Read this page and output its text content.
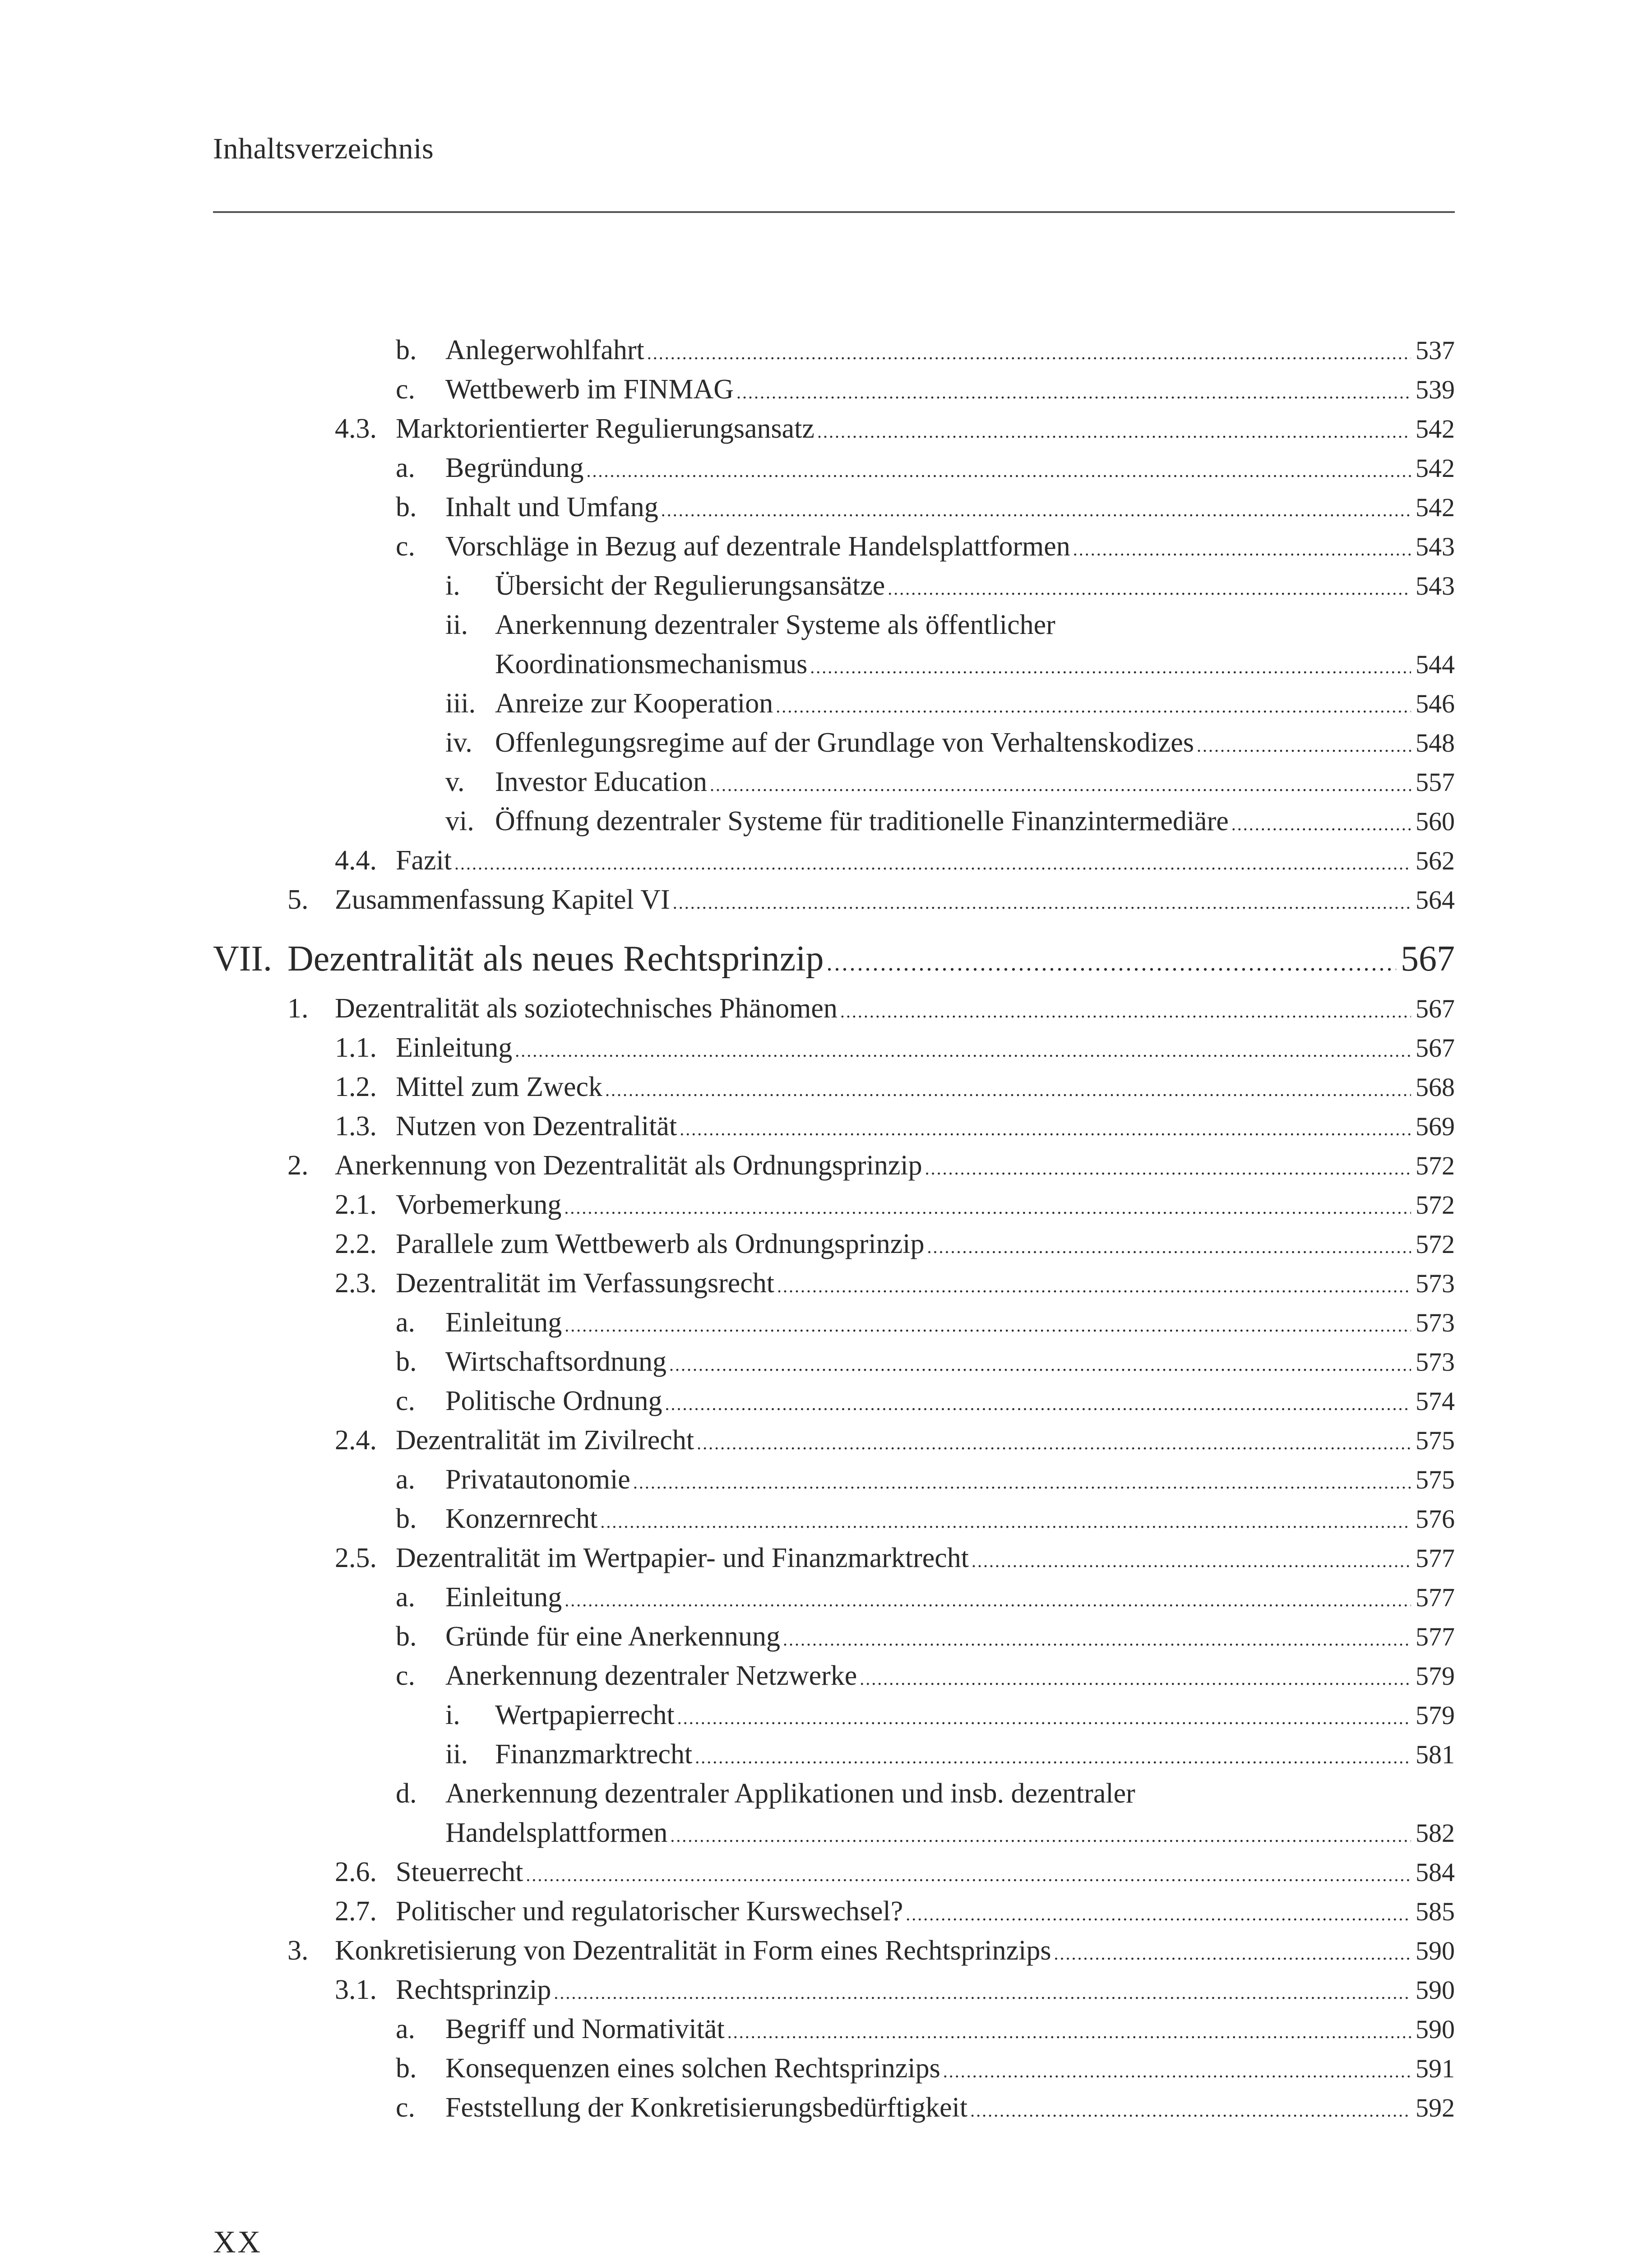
Inhaltsverzeichnis
b. Anlegerwohlfahrt .....	537
c. Wettbewerb im FINMAG .....	539
4.3. Marktorientierter Regulierungsansatz .....	542
a. Begründung .....	542
b. Inhalt und Umfang .....	542
c. Vorschläge in Bezug auf dezentrale Handelsplattformen .....	543
i. Übersicht der Regulierungsansätze .....	543
ii. Anerkennung dezentraler Systeme als öffentlicher
Koordinationsmechanismus .....	544
iii. Anreize zur Kooperation .....	546
iv. Offenlegungsregime auf der Grundlage von Verhaltenskodizes .....	548
v. Investor Education .....	557
vi. Öffnung dezentraler Systeme für traditionelle Finanzintermediäre .....	560
4.4. Fazit .....	562
5. Zusammenfassung Kapitel VI .....	564
VII. Dezentralität als neues Rechtsprinzip .....	567
1. Dezentralität als soziotechnisches Phänomen .....	567
1.1. Einleitung .....	567
1.2. Mittel zum Zweck .....	568
1.3. Nutzen von Dezentralität .....	569
2. Anerkennung von Dezentralität als Ordnungsprinzip .....	572
2.1. Vorbemerkung .....	572
2.2. Parallele zum Wettbewerb als Ordnungsprinzip .....	572
2.3. Dezentralität im Verfassungsrecht .....	573
a. Einleitung .....	573
b. Wirtschaftsordnung .....	573
c. Politische Ordnung .....	574
2.4. Dezentralität im Zivilrecht .....	575
a. Privatautonomie .....	575
b. Konzernrecht .....	576
2.5. Dezentralität im Wertpapier- und Finanzmarktrecht .....	577
a. Einleitung .....	577
b. Gründe für eine Anerkennung .....	577
c. Anerkennung dezentraler Netzwerke .....	579
i. Wertpapierrecht .....	579
ii. Finanzmarktrecht .....	581
d. Anerkennung dezentraler Applikationen und insb. dezentraler
Handelsplattformen .....	582
2.6. Steuerrecht .....	584
2.7. Politischer und regulatorischer Kurswechsel? .....	585
3. Konkretisierung von Dezentralität in Form eines Rechtsprinzips .....	590
3.1. Rechtsprinzip .....	590
a. Begriff und Normativität .....	590
b. Konsequenzen eines solchen Rechtsprinzips .....	591
c. Feststellung der Konkretisierungsbedürftigkeit .....	592
XX
